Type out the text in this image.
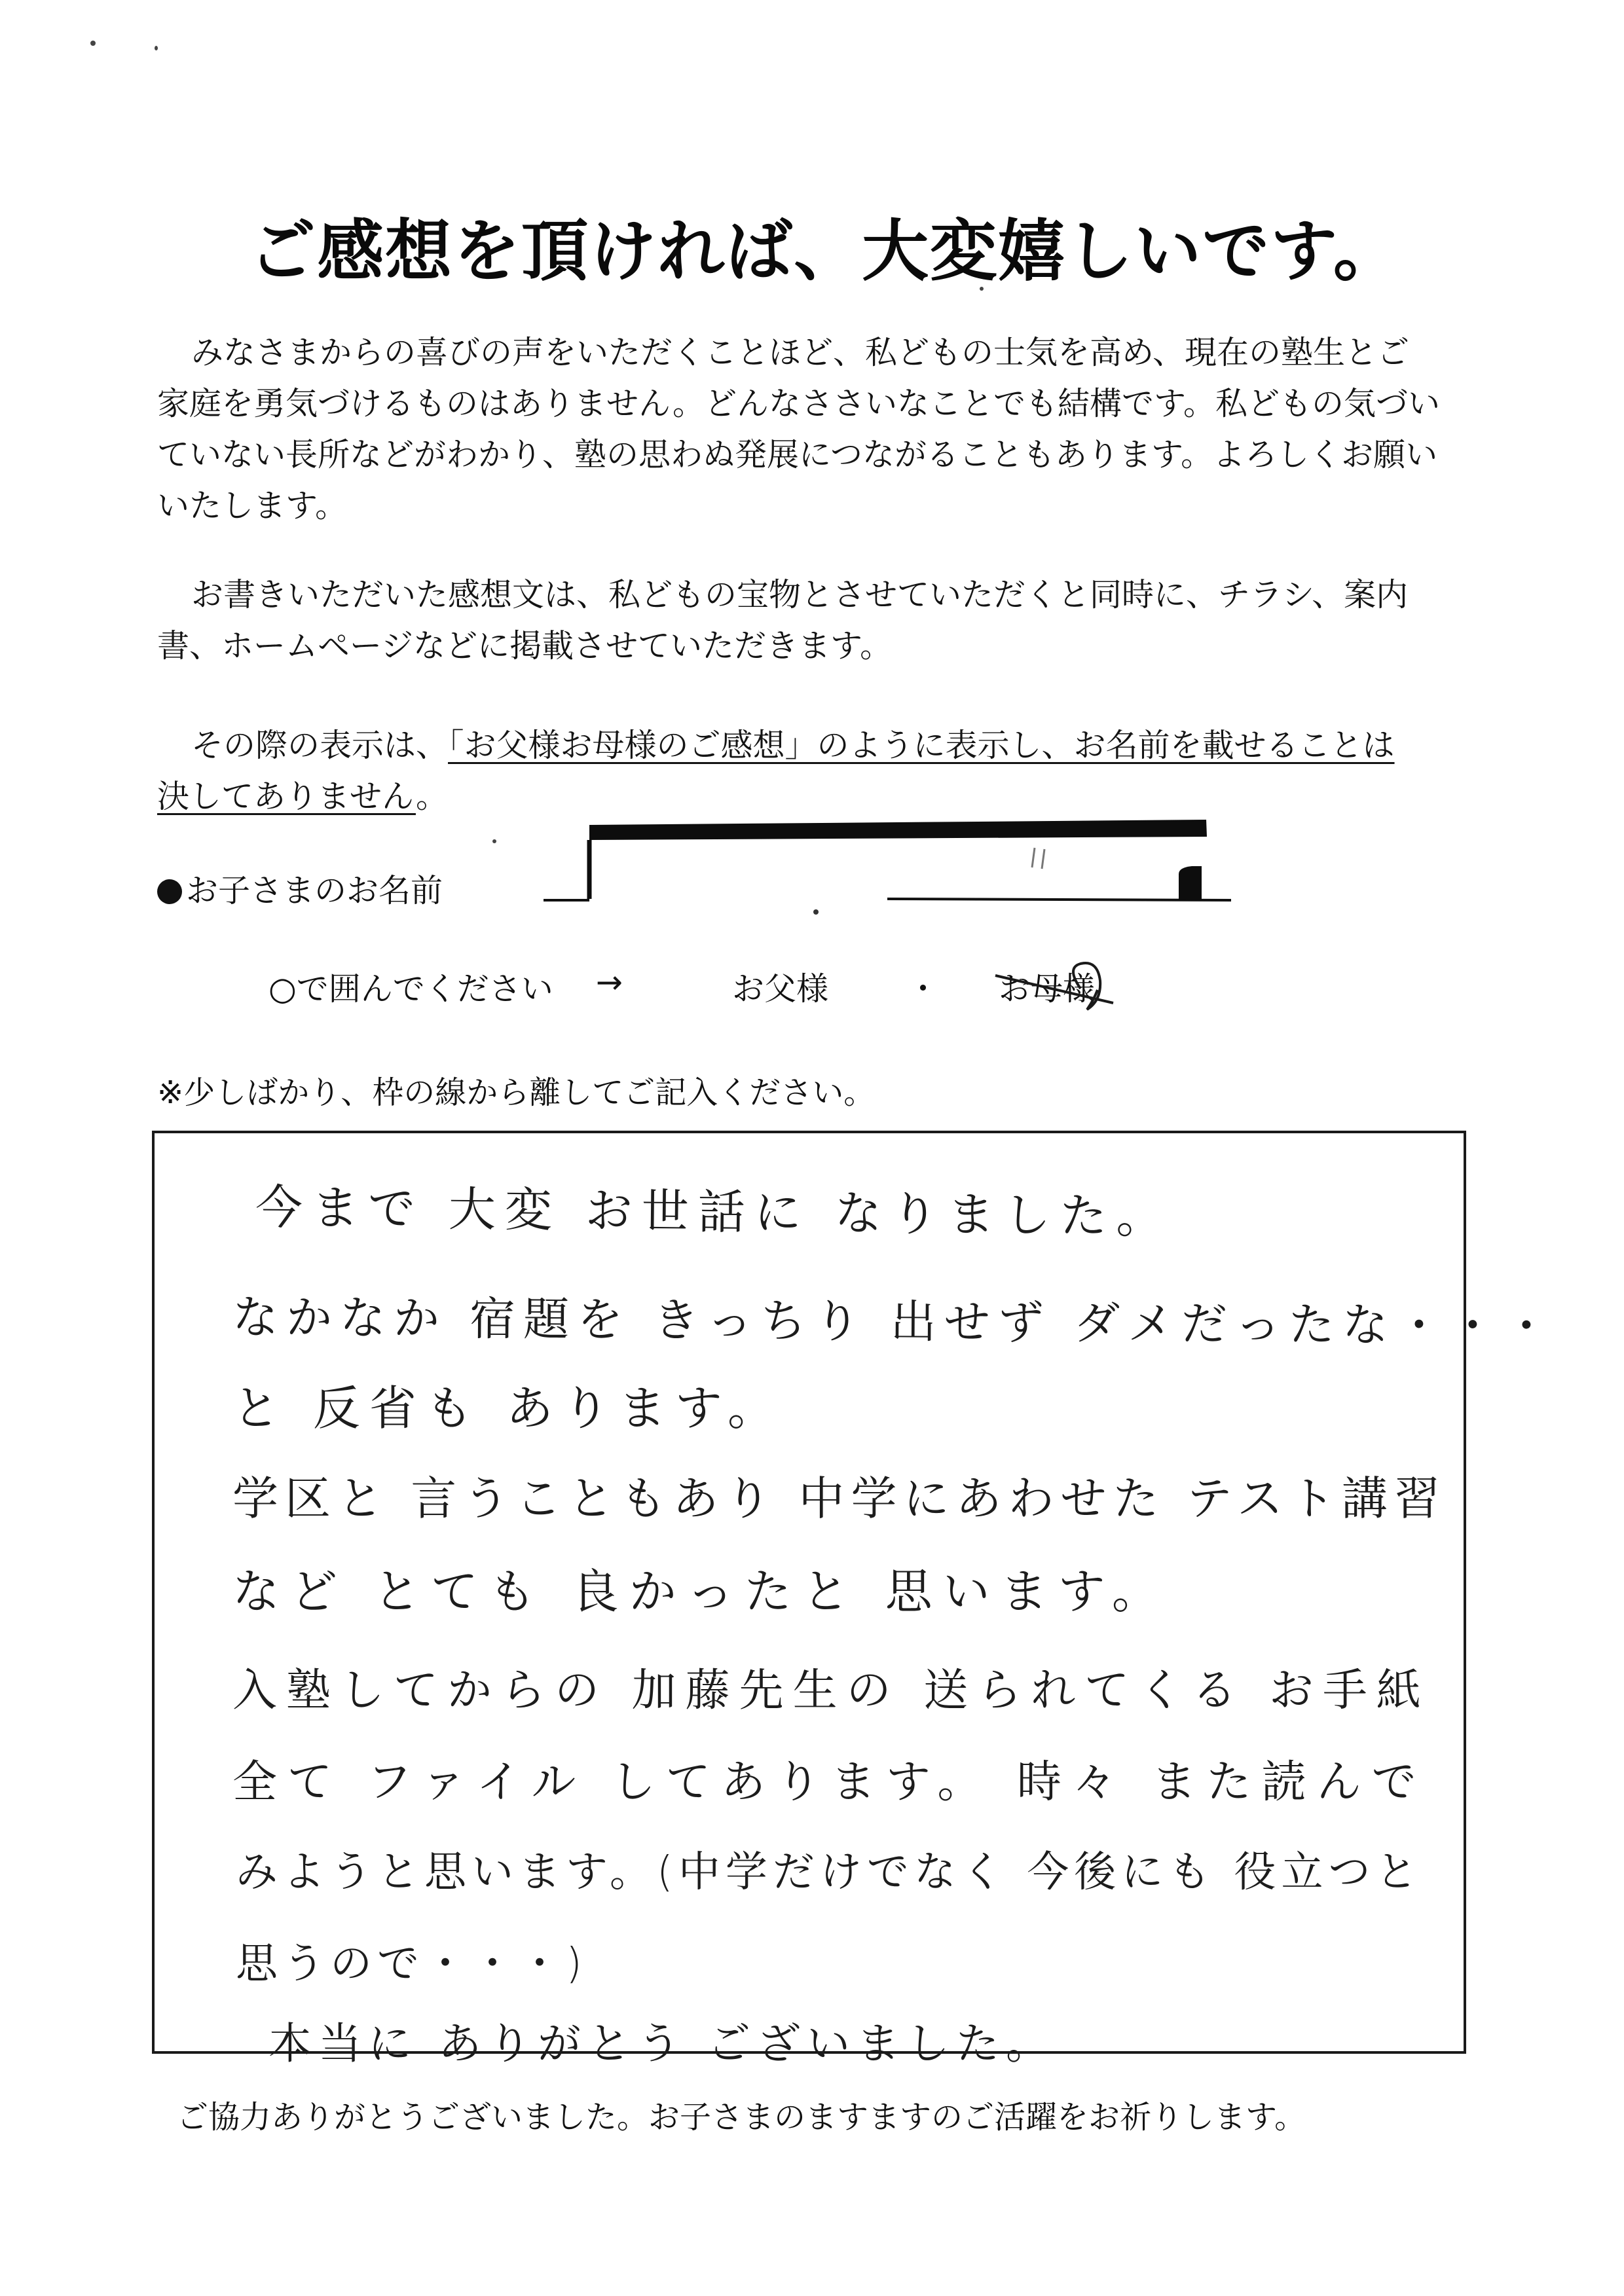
ご感想を頂ければ、大変嬉しいです。
みなさまからの喜びの声をいただくことほど、私どもの士気を高め、現在の塾生とご
家庭を勇気づけるものはありません。どんなささいなことでも結構です。私どもの気づい
ていない長所などがわかり、塾の思わぬ発展につながることもあります。よろしくお願い
いたします。
お書きいただいた感想文は、私どもの宝物とさせていただくと同時に、チラシ、案内
書、ホームページなどに掲載させていただきます。
その際の表示は、「お父様お母様のご感想」のように表示し、お名前を載せることは
決してありません。
お子さまのお名前
○で囲んでください →	お父様 ・ お母様
※少しばかり、枠の線から離してご記入ください。
今まで 大変 お世話に なりました。
なかなか 宿題を きっちり 出せず ダメだったな・・・
と 反省も あります。
学区と 言うこともあり 中学にあわせた テスト講習
など とても 良かったと 思います。
入塾してからの 加藤先生の 送られてくる お手紙
全て ファイル してあります。 時々 また読んで
みようと思います。(中学だけでなく 今後にも 役立つと
思うので・・・)
本当に ありがとう ございました。
ご協力ありがとうございました。お子さまのますますのご活躍をお祈りします。
